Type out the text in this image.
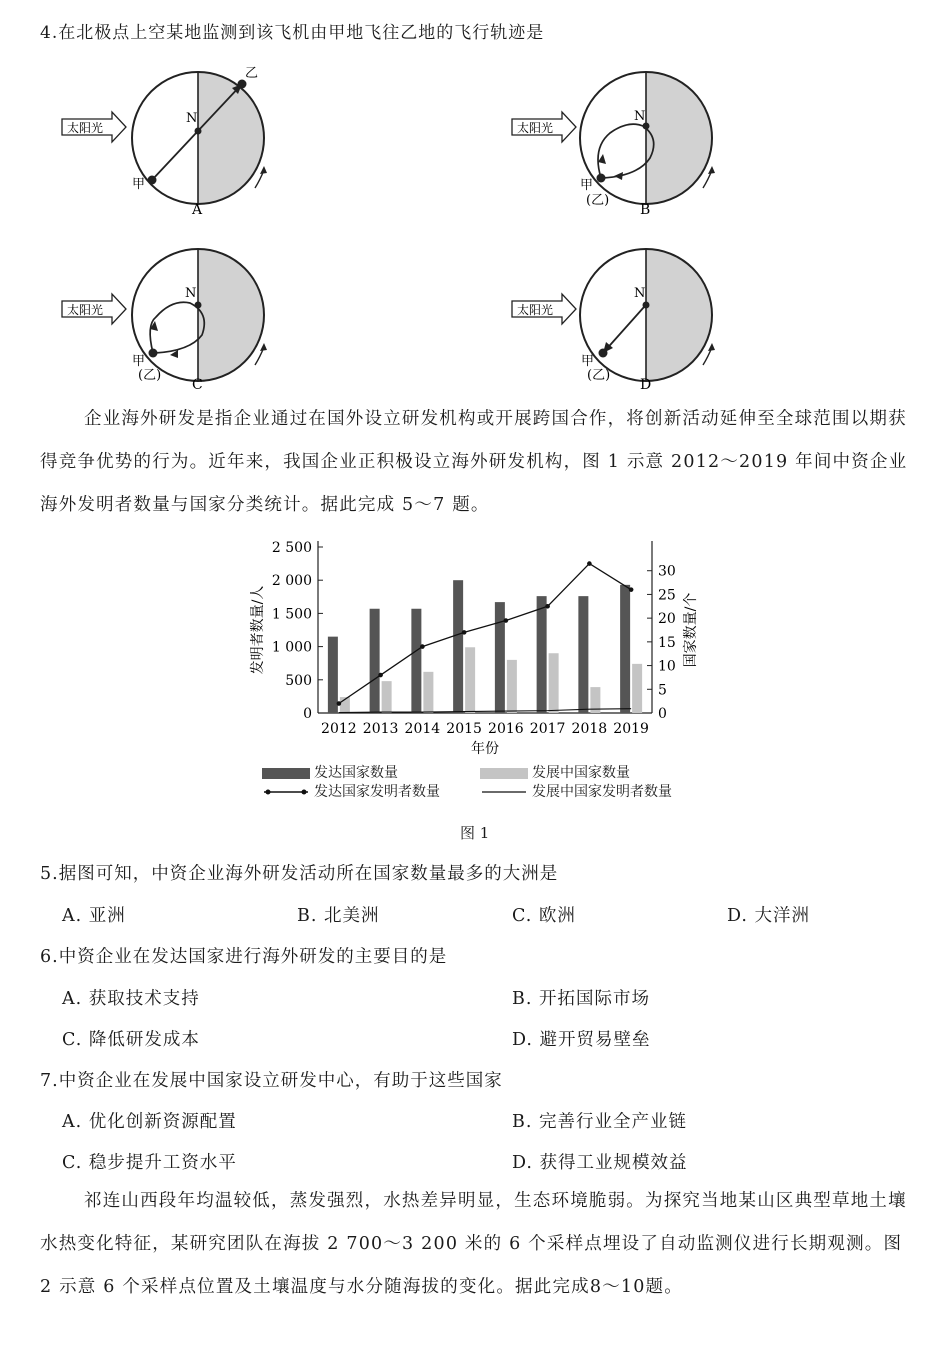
4.在北极点上空某地监测到该飞机由甲地飞往乙地的飞行轨迹是
太阳光
N
甲
乙
A
太阳光
N
甲
(乙)
B
太阳光
N
甲
(乙)
C
太阳光
N
甲
(乙)
D
企业海外研发是指企业通过在国外设立研发机构或开展跨国合作，将创新活动延伸至全球范围以期获得竞争优势的行为。近年来，我国企业正积极设立海外研发机构，图 1 示意 2012～2019 年间中资企业海外发明者数量与国家分类统计。据此完成 5～7 题。
0
500
1 000
1 500
2 000
2 500
0
5
10
15
20
25
30
2012 2013 2014 2015 2016 2017 2018 2019
年份
发明者数量/人	国家数量/个
发达国家数量	发展中国家数量
发达国家发明者数量	发展中国家发明者数量
图 1
5.据图可知，中资企业海外研发活动所在国家数量最多的大洲是
A. 亚洲	B. 北美洲	C. 欧洲	D. 大洋洲
6.中资企业在发达国家进行海外研发的主要目的是
A. 获取技术支持	B. 开拓国际市场
C. 降低研发成本	D. 避开贸易壁垒
7.中资企业在发展中国家设立研发中心，有助于这些国家
A. 优化创新资源配置	B. 完善行业全产业链
C. 稳步提升工资水平	D. 获得工业规模效益
祁连山西段年均温较低，蒸发强烈，水热差异明显，生态环境脆弱。为探究当地某山区典型草地土壤水热变化特征，某研究团队在海拔 2 700～3 200 米的 6 个采样点埋设了自动监测仪进行长期观测。图 2 示意 6 个采样点位置及土壤温度与水分随海拔的变化。据此完成8～10题。
